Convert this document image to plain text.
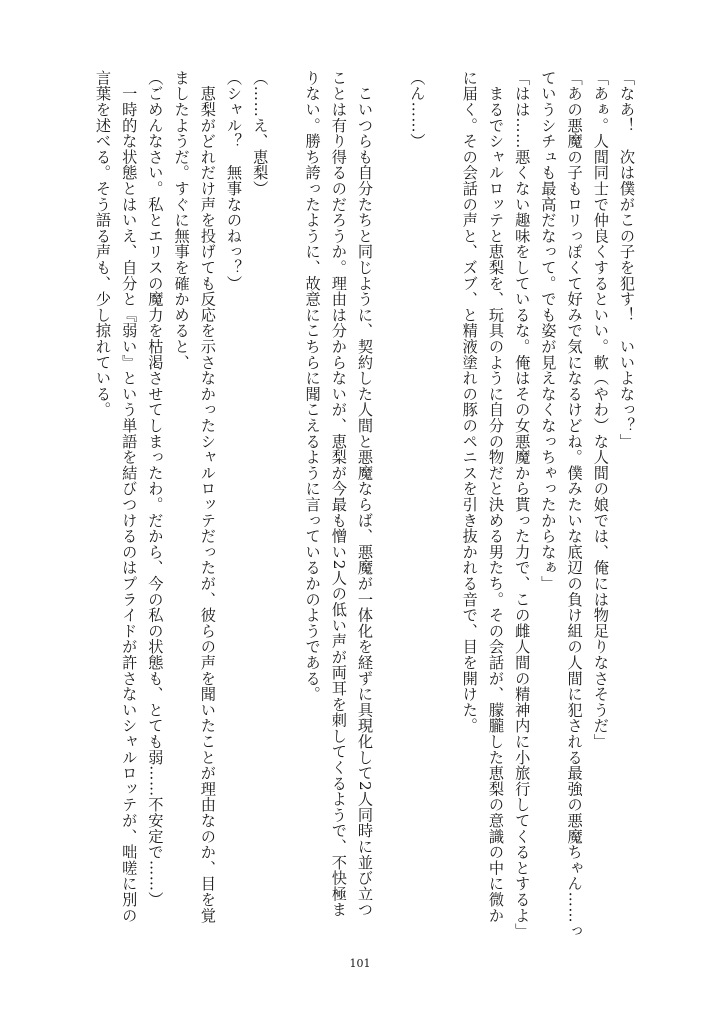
「なあ！　次は僕がこの子を犯す！　いいよなっ？」
「あぁ。人間同士で仲良くするといい。軟（やわ）な人間の娘では、俺には物足りなさそうだ」
「あの悪魔の子もロリっぽくて好みで気になるけどね。僕みたいな底辺の負け組の人間に犯される最強の悪魔ちゃん……っ
ていうシチュも最高だなって。でも姿が見えなくなっちゃったからなぁ」
「はは……悪くない趣味をしているな。俺はその女悪魔から貰った力で、この雌人間の精神内に小旅行してくるとするよ」
　まるでシャルロッテと恵梨を、玩具のように自分の物だと決める男たち。その会話が、朦朧した恵梨の意識の中に微か
に届く。その会話の声と、ズブ、と精液塗れの豚のペニスを引き抜かれる音で、目を開けた。
（ん……）
　こいつらも自分たちと同じように、契約した人間と悪魔ならば、悪魔が一体化を経ずに具現化して2人同時に並び立つ
ことは有り得るのだろうか。理由は分からないが、恵梨が今最も憎い2人の低い声が両耳を刺してくるようで、不快極ま
りない。勝ち誇ったように、故意にこちらに聞こえるように言っているかのようである。
（……え、恵梨）
（シャル？　無事なのねっ？）
　恵梨がどれだけ声を投げても反応を示さなかったシャルロッテだったが、彼らの声を聞いたことが理由なのか、目を覚
ましたようだ。すぐに無事を確かめると、
（ごめんなさい。私とエリスの魔力を枯渇させてしまったわ。だから、今の私の状態も、とても弱……不安定で……）
　一時的な状態とはいえ、自分と『弱い』という単語を結びつけるのはプライドが許さないシャルロッテが、咄嗟に別の
言葉を述べる。そう語る声も、少し掠れている。
101
